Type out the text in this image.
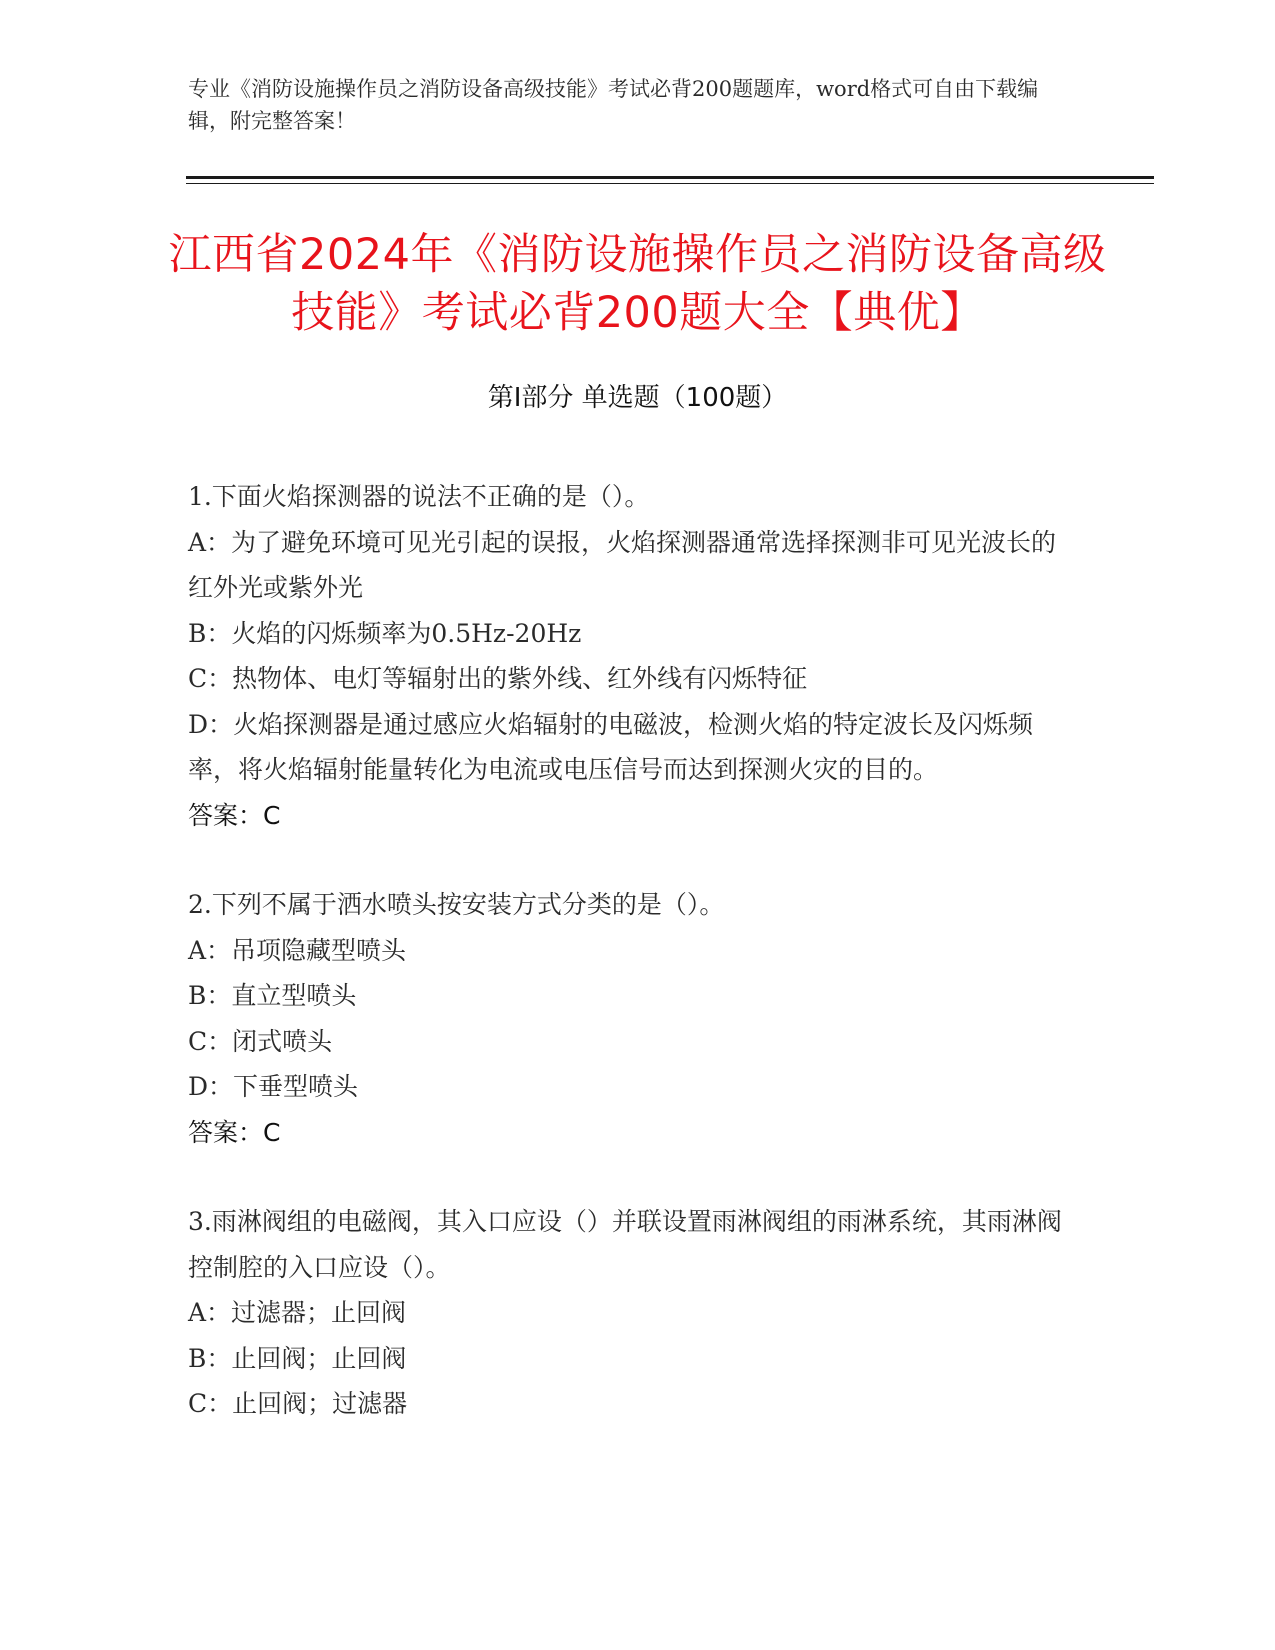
专业《消防设施操作员之消防设备高级技能》考试必背200题题库，word格式可自由下载编辑，附完整答案！
江西省2024年《消防设施操作员之消防设备高级技能》考试必背200题大全【典优】
第I部分 单选题（100题）
1.下面火焰探测器的说法不正确的是（）。
A：为了避免环境可见光引起的误报，火焰探测器通常选择探测非可见光波长的红外光或紫外光
B：火焰的闪烁频率为0.5Hz-20Hz
C：热物体、电灯等辐射出的紫外线、红外线有闪烁特征
D：火焰探测器是通过感应火焰辐射的电磁波，检测火焰的特定波长及闪烁频率，将火焰辐射能量转化为电流或电压信号而达到探测火灾的目的。
答案：C
2.下列不属于洒水喷头按安装方式分类的是（）。
A：吊项隐藏型喷头
B：直立型喷头
C：闭式喷头
D：下垂型喷头
答案：C
3.雨淋阀组的电磁阀，其入口应设（）并联设置雨淋阀组的雨淋系统，其雨淋阀控制腔的入口应设（）。
A：过滤器；止回阀
B：止回阀；止回阀
C：止回阀；过滤器
